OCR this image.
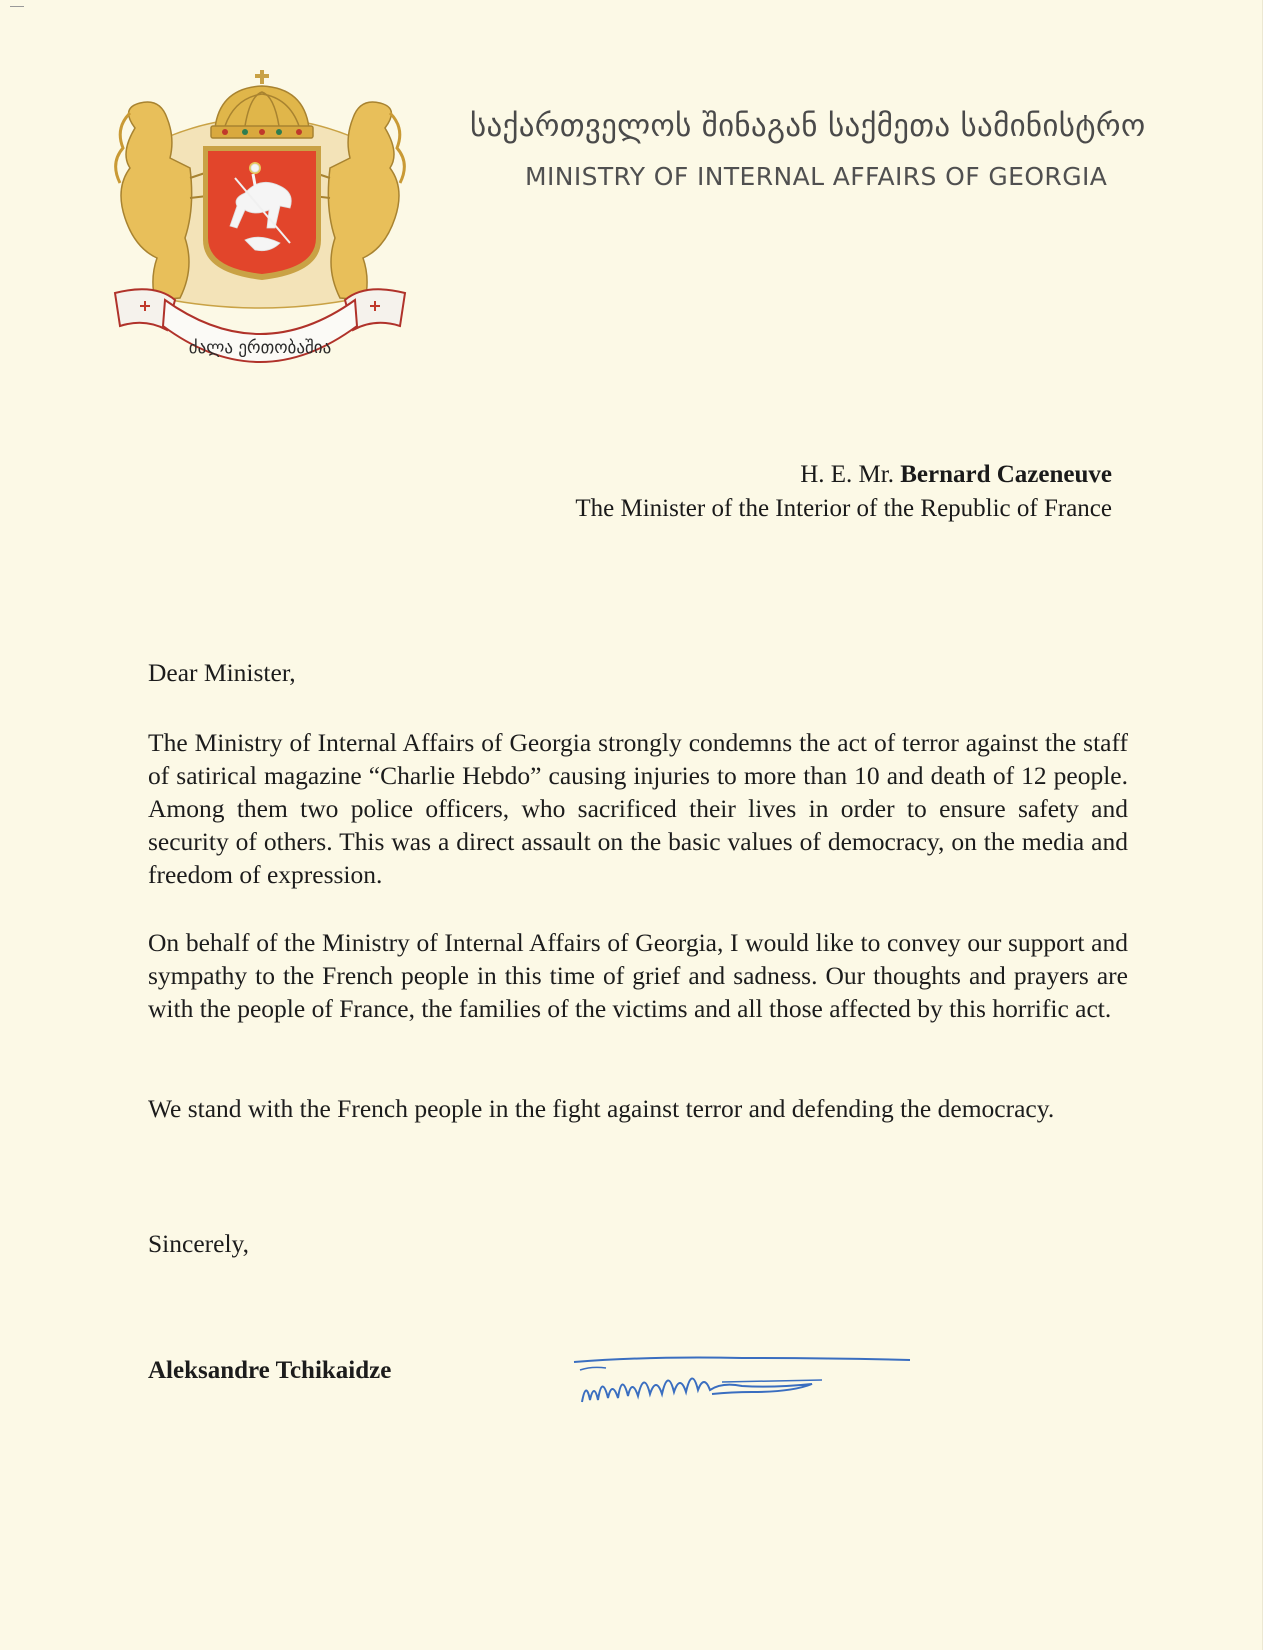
ძალა ერთობაშია
საქართველოს შინაგან საქმეთა სამინისტრო
MINISTRY OF INTERNAL AFFAIRS OF GEORGIA
H. E. Mr. Bernard Cazeneuve
The Minister of the Interior of the Republic of France
Dear Minister,
The Ministry of Internal Affairs of Georgia strongly condemns the act of terror against the staff of satirical magazine “Charlie Hebdo” causing injuries to more than 10 and death of 12 people. Among them two police officers, who sacrificed their lives in order to ensure safety and security of others. This was a direct assault on the basic values of democracy, on the media and freedom of expression.
On behalf of the Ministry of Internal Affairs of Georgia, I would like to convey our support and sympathy to the French people in this time of grief and sadness. Our thoughts and prayers are with the people of France, the families of the victims and all those affected by this horrific act.
We stand with the French people in the fight against terror and defending the democracy.
Sincerely,
Aleksandre Tchikaidze
